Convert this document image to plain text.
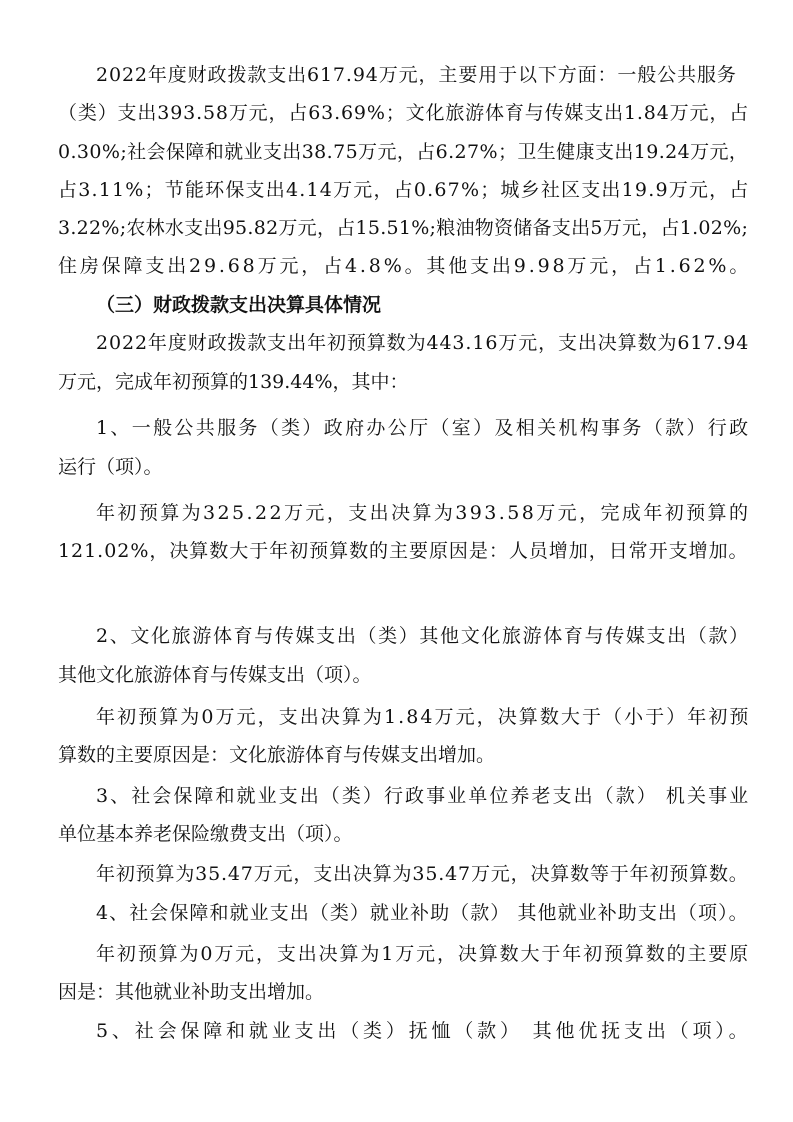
2022年度财政拨款支出617.94万元，主要用于以下方面：一般公共服务
（类）支出393.58万元，占63.69%；文化旅游体育与传媒支出1.84万元，占
0.30%;社会保障和就业支出38.75万元，占6.27%；卫生健康支出19.24万元，
占3.11%；节能环保支出4.14万元，占0.67%；城乡社区支出19.9万元，占
3.22%;农林水支出95.82万元，占15.51%;粮油物资储备支出5万元，占1.02%;
住房保障支出29.68万元，占4.8%。其他支出9.98万元，占1.62%。
（三）财政拨款支出决算具体情况
2022年度财政拨款支出年初预算数为443.16万元，支出决算数为617.94
万元，完成年初预算的139.44%，其中：
1、一般公共服务（类）政府办公厅（室）及相关机构事务（款）行政
运行（项）。
年初预算为325.22万元，支出决算为393.58万元，完成年初预算的
121.02%，决算数大于年初预算数的主要原因是：人员增加，日常开支增加。
2、文化旅游体育与传媒支出（类）其他文化旅游体育与传媒支出（款）
其他文化旅游体育与传媒支出（项）。
年初预算为0万元，支出决算为1.84万元，决算数大于（小于）年初预
算数的主要原因是：文化旅游体育与传媒支出增加。
3、社会保障和就业支出（类）行政事业单位养老支出（款） 机关事业
单位基本养老保险缴费支出（项）。
年初预算为35.47万元，支出决算为35.47万元，决算数等于年初预算数。
4、社会保障和就业支出（类）就业补助（款） 其他就业补助支出（项）。
年初预算为0万元，支出决算为1万元，决算数大于年初预算数的主要原
因是：其他就业补助支出增加。
5、社会保障和就业支出（类）抚恤（款） 其他优抚支出（项）。
